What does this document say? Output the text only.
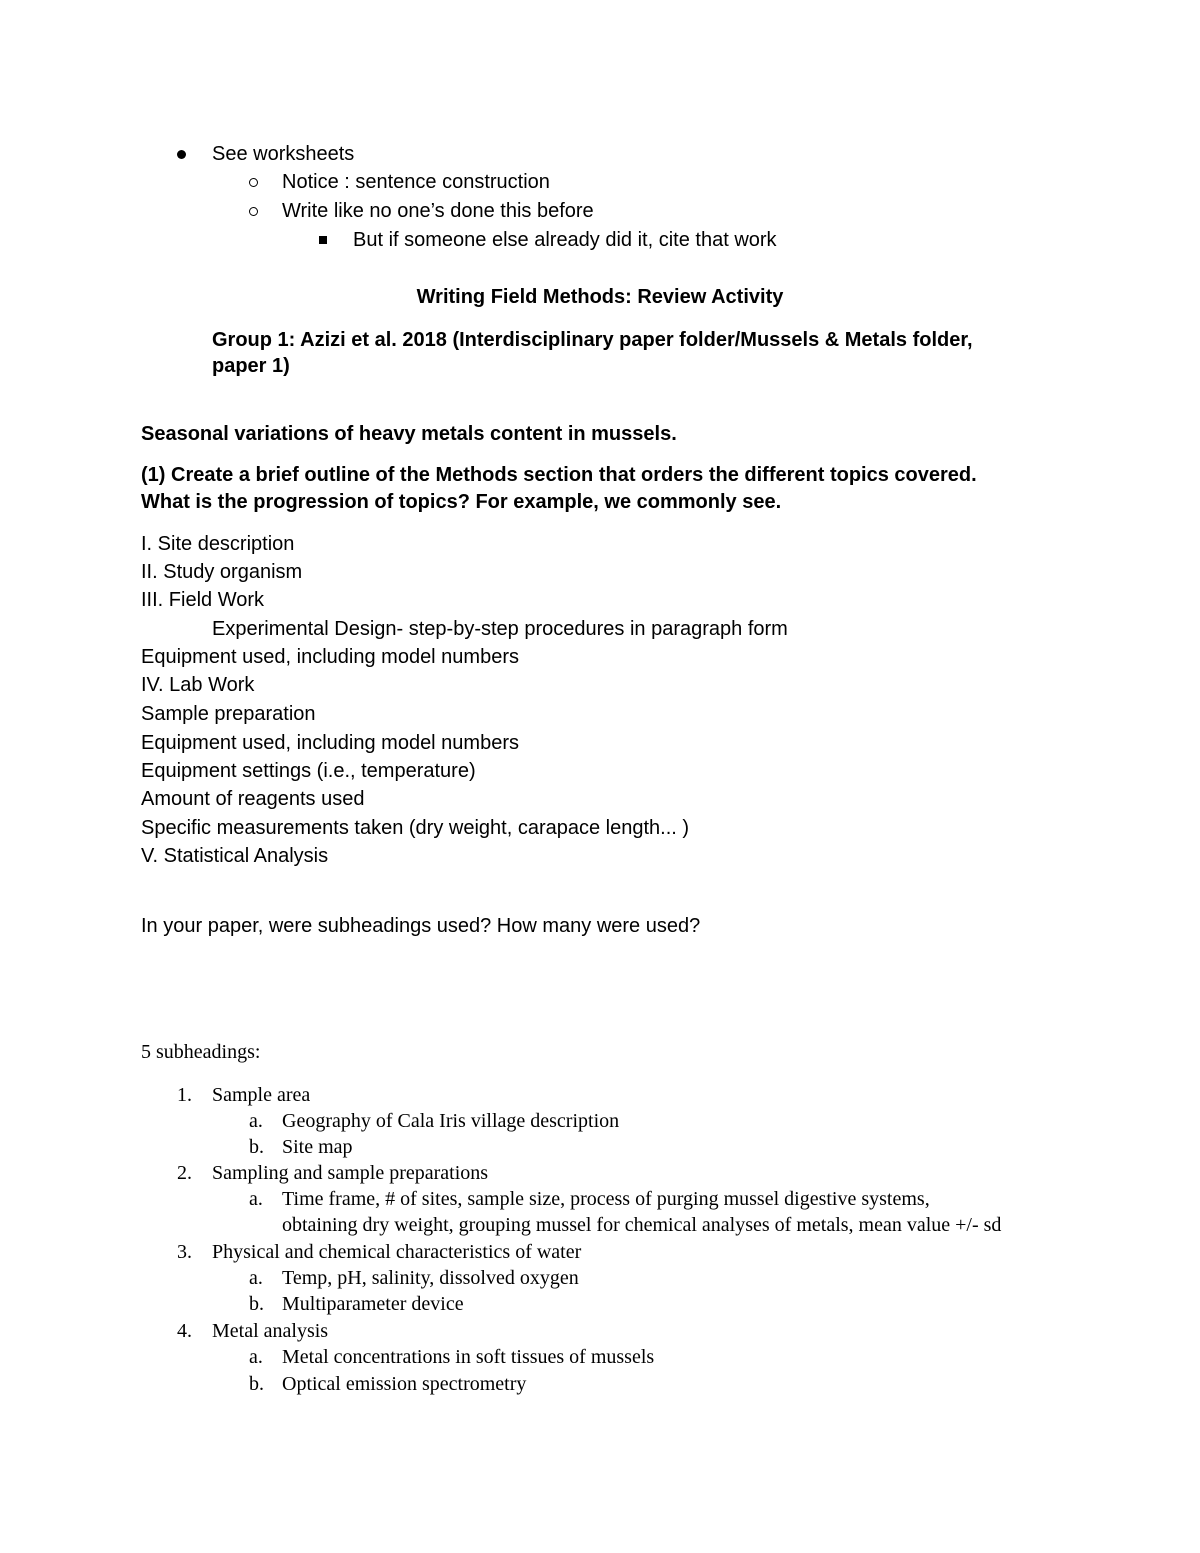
See worksheets
Notice : sentence construction
Write like no one’s done this before
But if someone else already did it, cite that work
Writing Field Methods: Review Activity
Group 1: Azizi et al. 2018 (Interdisciplinary paper folder/Mussels & Metals folder,
paper 1)
Seasonal variations of heavy metals content in mussels.
(1) Create a brief outline of the Methods section that orders the different topics covered.
What is the progression of topics? For example, we commonly see.
I. Site description
II. Study organism
III. Field Work
Experimental Design- step-by-step procedures in paragraph form
Equipment used, including model numbers
IV. Lab Work
Sample preparation
Equipment used, including model numbers
Equipment settings (i.e., temperature)
Amount of reagents used
Specific measurements taken (dry weight, carapace length... )
V. Statistical Analysis
In your paper, were subheadings used? How many were used?
5 subheadings:
1. Sample area
a. Geography of Cala Iris village description
b. Site map
2. Sampling and sample preparations
a. Time frame, # of sites, sample size, process of purging mussel digestive systems,
obtaining dry weight, grouping mussel for chemical analyses of metals, mean value +/- sd
3. Physical and chemical characteristics of water
a. Temp, pH, salinity, dissolved oxygen
b. Multiparameter device
4. Metal analysis
a. Metal concentrations in soft tissues of mussels
b. Optical emission spectrometry
